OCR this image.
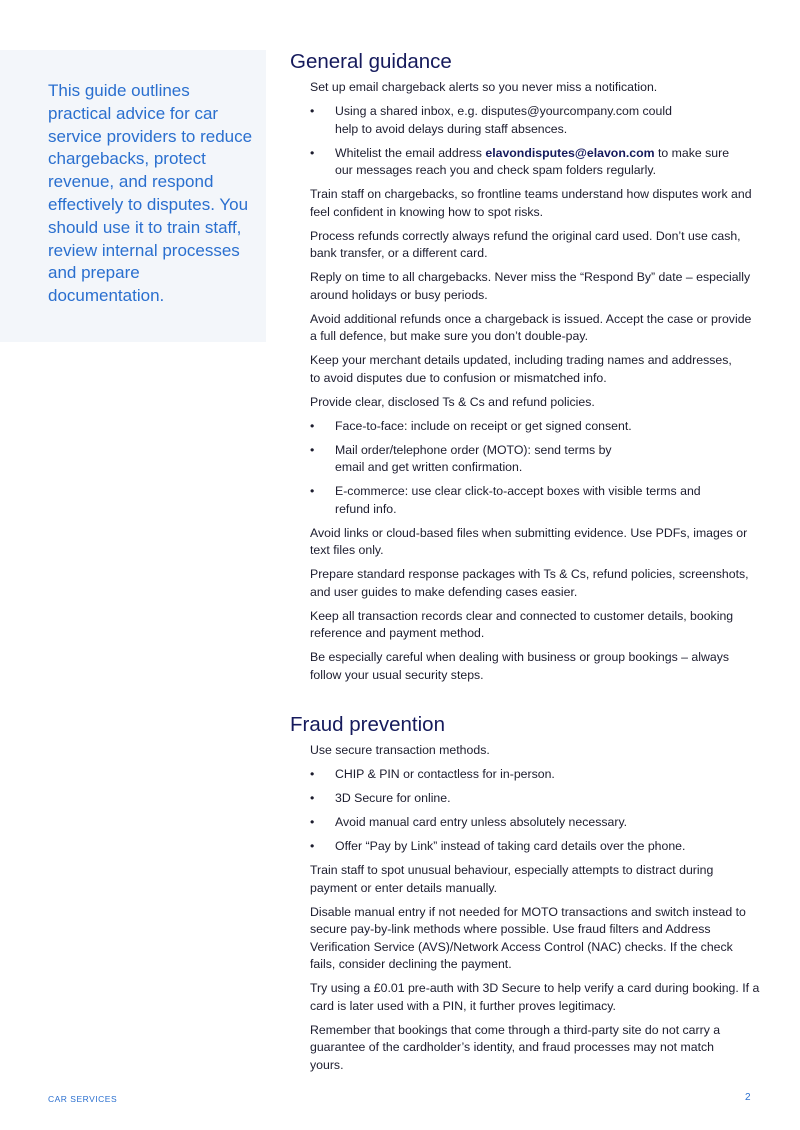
This guide outlines practical advice for car service providers to reduce chargebacks, protect revenue, and respond effectively to disputes. You should use it to train staff, review internal processes and prepare documentation.
General guidance

Set up email chargeback alerts so you never miss a notification.

• Using a shared inbox, e.g. disputes@yourcompany.com could help to avoid delays during staff absences.

• Whitelist the email address elavondisputes@elavon.com to make sure our messages reach you and check spam folders regularly.

Train staff on chargebacks, so frontline teams understand how disputes work and feel confident in knowing how to spot risks.

Process refunds correctly always refund the original card used. Don’t use cash, bank transfer, or a different card.

Reply on time to all chargebacks. Never miss the “Respond By” date – especially around holidays or busy periods.

Avoid additional refunds once a chargeback is issued. Accept the case or provide a full defence, but make sure you don’t double-pay.

Keep your merchant details updated, including trading names and addresses, to avoid disputes due to confusion or mismatched info.

Provide clear, disclosed Ts & Cs and refund policies.

• Face-to-face: include on receipt or get signed consent.

• Mail order/telephone order (MOTO): send terms by email and get written confirmation.

• E-commerce: use clear click-to-accept boxes with visible terms and refund info.

Avoid links or cloud-based files when submitting evidence. Use PDFs, images or text files only.

Prepare standard response packages with Ts & Cs, refund policies, screenshots, and user guides to make defending cases easier.

Keep all transaction records clear and connected to customer details, booking reference and payment method.

Be especially careful when dealing with business or group bookings – always follow your usual security steps.

Fraud prevention

Use secure transaction methods.

• CHIP & PIN or contactless for in-person.

• 3D Secure for online.

• Avoid manual card entry unless absolutely necessary.

• Offer “Pay by Link” instead of taking card details over the phone.

Train staff to spot unusual behaviour, especially attempts to distract during payment or enter details manually.

Disable manual entry if not needed for MOTO transactions and switch instead to secure pay-by-link methods where possible. Use fraud filters and Address Verification Service (AVS)/Network Access Control (NAC) checks. If the check fails, consider declining the payment.

Try using a £0.01 pre-auth with 3D Secure to help verify a card during booking. If a card is later used with a PIN, it further proves legitimacy.

Remember that bookings that come through a third-party site do not carry a guarantee of the cardholder’s identity, and fraud processes may not match yours.

CAR SERVICES	2
